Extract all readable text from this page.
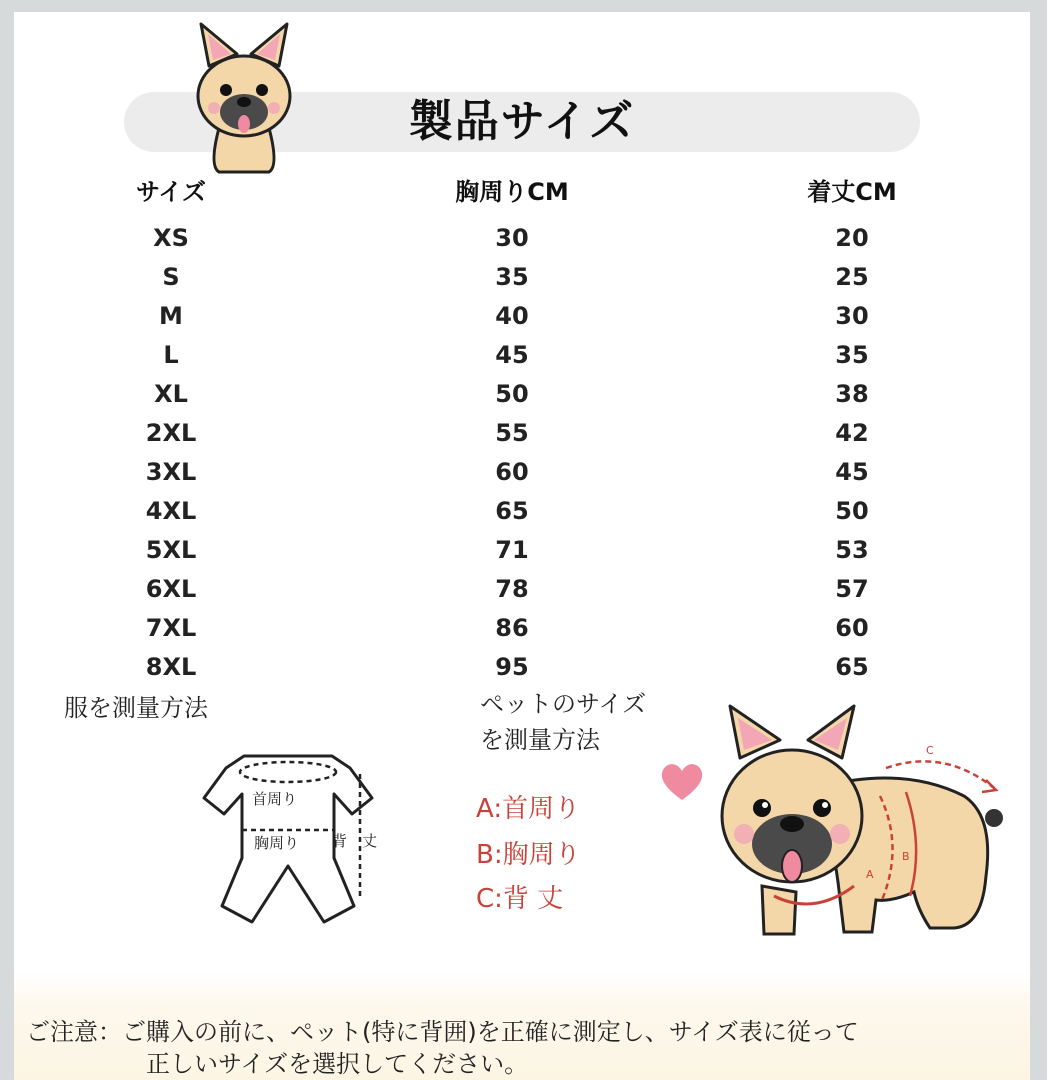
製品サイズ
サイズ	胸周りCM	着丈CM
XS	30	20
S	35	25
M	40	30
L	45	35
XL	50	38
2XL	55	42
3XL	60	45
4XL	65	50
5XL	71	53
6XL	78	57
7XL	86	60
8XL	95	65
服を測量方法
首周り
胸周り 背　丈
ペットのサイズ
を測量方法
A:首周り
B:胸周り
C:背 丈
C
A
B
ご注意：ご購入の前に、ペット(特に背囲)を正確に測定し、サイズ表に従って
正しいサイズを選択してください。
